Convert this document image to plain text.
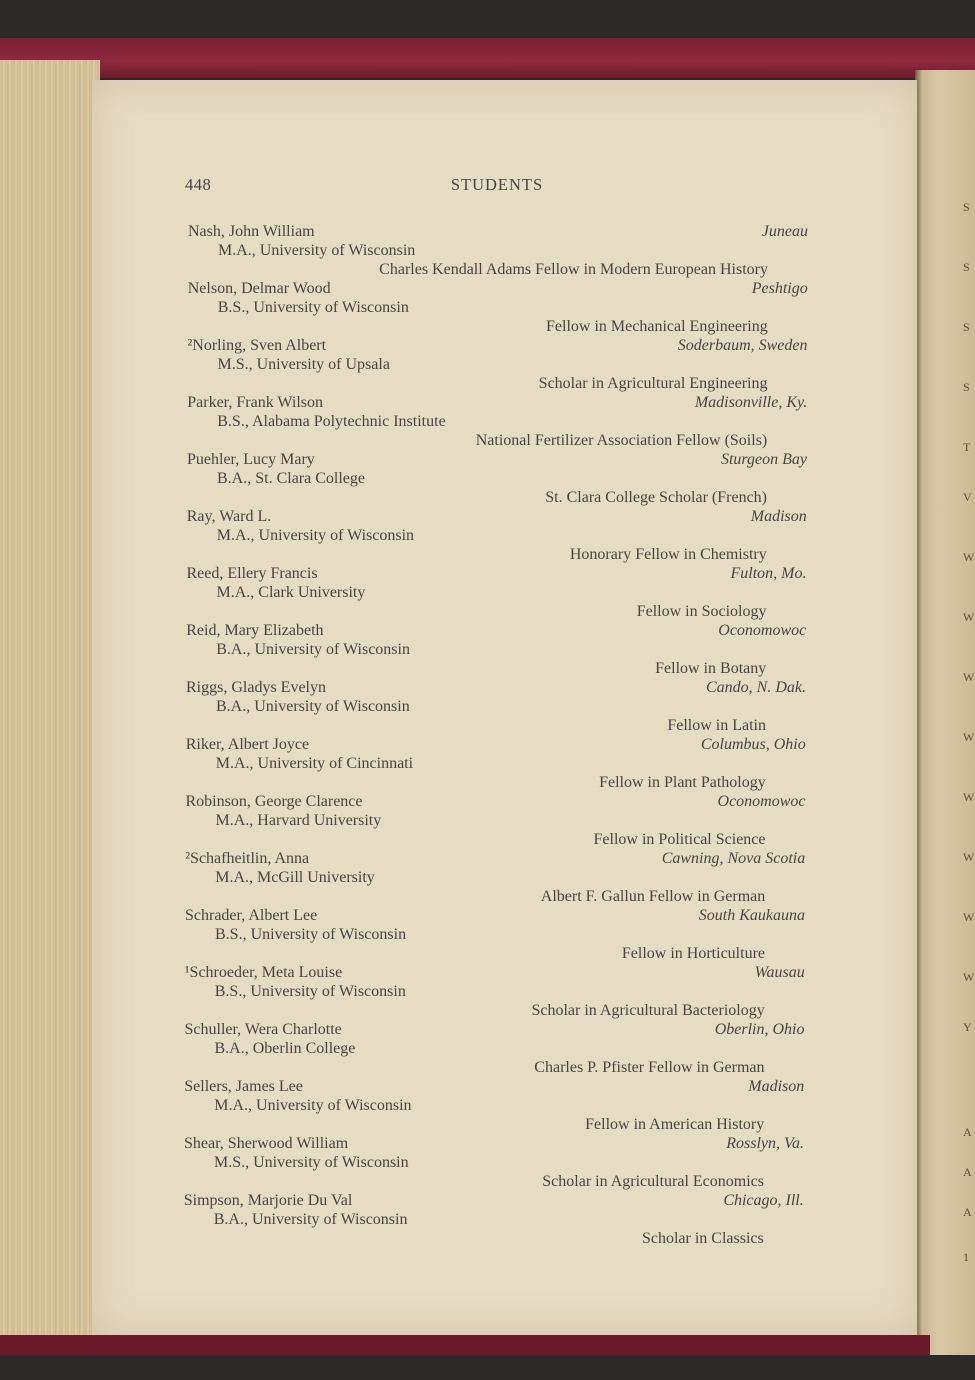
S
S
S
S
T
V
W
W
W
W
W
W
W
W
Y
A
A
A
1
448	STUDENTS
Nash, John William	Juneau
M.A., University of Wisconsin
Charles Kendall Adams Fellow in Modern European History
Nelson, Delmar Wood	Peshtigo
B.S., University of Wisconsin
Fellow in Mechanical Engineering
²Norling, Sven Albert	Soderbaum, Sweden
M.S., University of Upsala
Scholar in Agricultural Engineering
Parker, Frank Wilson	Madisonville, Ky.
B.S., Alabama Polytechnic Institute
National Fertilizer Association Fellow (Soils)
Puehler, Lucy Mary	Sturgeon Bay
B.A., St. Clara College
St. Clara College Scholar (French)
Ray, Ward L.	Madison
M.A., University of Wisconsin
Honorary Fellow in Chemistry
Reed, Ellery Francis	Fulton, Mo.
M.A., Clark University
Fellow in Sociology
Reid, Mary Elizabeth	Oconomowoc
B.A., University of Wisconsin
Fellow in Botany
Riggs, Gladys Evelyn	Cando, N. Dak.
B.A., University of Wisconsin
Fellow in Latin
Riker, Albert Joyce	Columbus, Ohio
M.A., University of Cincinnati
Fellow in Plant Pathology
Robinson, George Clarence	Oconomowoc
M.A., Harvard University
Fellow in Political Science
²Schafheitlin, Anna	Cawning, Nova Scotia
M.A., McGill University
Albert F. Gallun Fellow in German
Schrader, Albert Lee	South Kaukauna
B.S., University of Wisconsin
Fellow in Horticulture
¹Schroeder, Meta Louise	Wausau
B.S., University of Wisconsin
Scholar in Agricultural Bacteriology
Schuller, Wera Charlotte	Oberlin, Ohio
B.A., Oberlin College
Charles P. Pfister Fellow in German
Sellers, James Lee	Madison
M.A., University of Wisconsin
Fellow in American History
Shear, Sherwood William	Rosslyn, Va.
M.S., University of Wisconsin
Scholar in Agricultural Economics
Simpson, Marjorie Du Val	Chicago, Ill.
B.A., University of Wisconsin
Scholar in Classics
